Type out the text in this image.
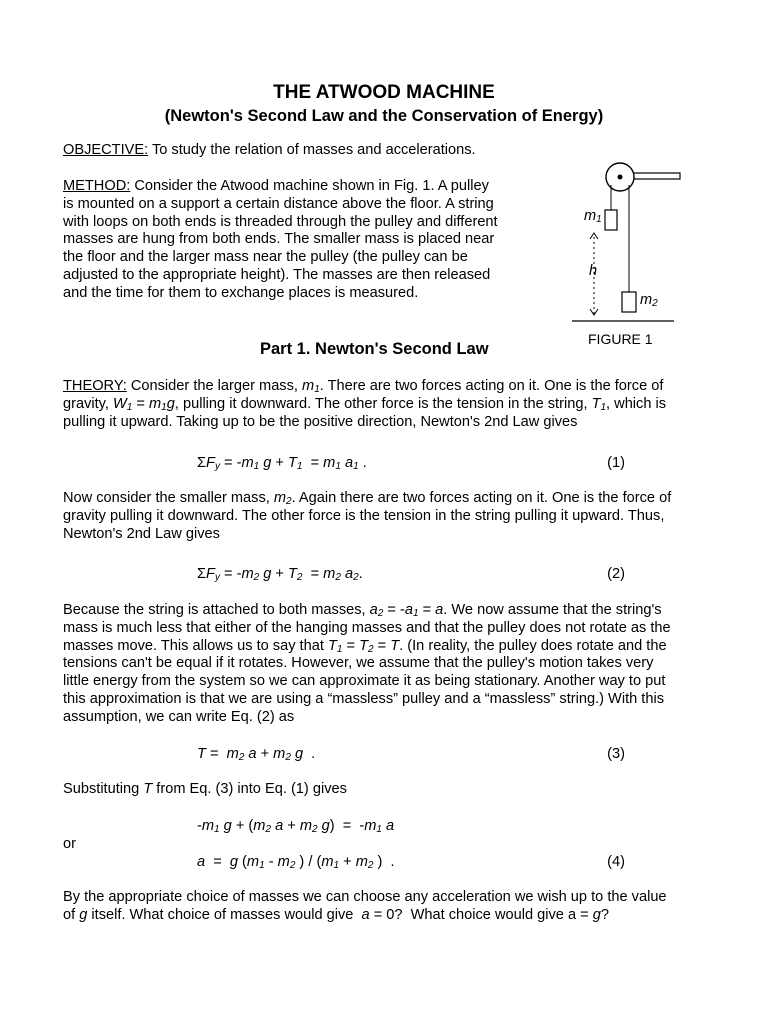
THE ATWOOD MACHINE
(Newton's Second Law and the Conservation of Energy)
OBJECTIVE: To study the relation of masses and accelerations.
METHOD: Consider the Atwood machine shown in Fig. 1. A pulley
is mounted on a support a certain distance above the floor. A string
with loops on both ends is threaded through the pulley and different
masses are hung from both ends. The smaller mass is placed near
the floor and the larger mass near the pulley (the pulley can be
adjusted to the appropriate height). The masses are then released
and the time for them to exchange places is measured.
$m_1$
h
$m_2$
FIGURE 1
Part 1. Newton's Second Law
THEORY: Consider the larger mass, $m_1$. There are two forces acting on it. One is the force of
gravity, $W_1 = m_1g$, pulling it downward. The other force is the tension in the string, $T_1$, which is
pulling it upward. Taking up to be the positive direction, Newton's 2nd Law gives
$\Sigma F_y = -m_1$ $g + T_1 = m_1$ $a_1$ .	(1)
Now consider the smaller mass, $m_2$. Again there are two forces acting on it. One is the force of
gravity pulling it downward. The other force is the tension in the string pulling it upward. Thus,
Newton's 2nd Law gives
$\Sigma F_y = -m_2$ $g + T_2 = m_2$ $a_2$.	(2)
Because the string is attached to both masses, $a_2 = -a_1 = a$. We now assume that the string's
mass is much less that either of the hanging masses and that the pulley does not rotate as the
masses move. This allows us to say that $T_1 = T_2 = T$. (In reality, the pulley does rotate and the
tensions can't be equal if it rotates. However, we assume that the pulley's motion takes very
little energy from the system so we can approximate it as being stationary. Another way to put
this approximation is that we are using a “massless” pulley and a “massless” string.) With this
assumption, we can write Eq. (2) as
$T = m_2$ $a + m_2$ g  .	(3)
Substituting T from Eq. (3) into Eq. (1) gives
$-m_1$ $g + (m_2$ $a + m_2$ $g) = -m_1$ a
or
a  =  g ($m_1 - m_2$ ) / ($m_1 + m_2$ )  .	(4)
By the appropriate choice of masses we can choose any acceleration we wish up to the value
of g itself. What choice of masses would give  a = 0?  What choice would give a = g?
